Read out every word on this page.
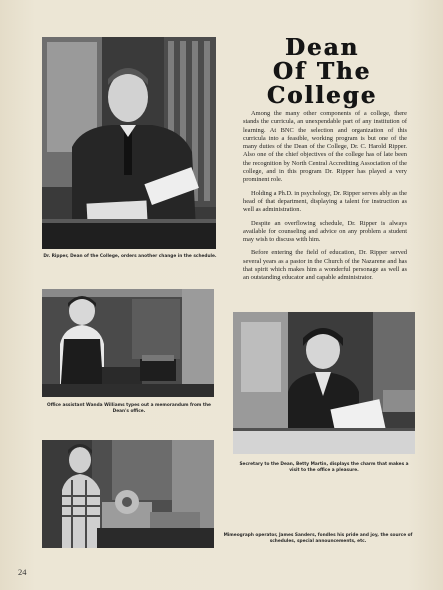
Dr. Ripper, Dean of the College, orders another change in the schedule.
Dean
Of The
College

Among the many other components of a college, there stands the curricula, an unexpendable part of any institution of learning. At BNC the selection and organization of this curricula into a feasible, working program is but one of the many duties of the Dean of the College, Dr. C. Harold Ripper. Also one of the chief objectives of the college has of late been the recognition by North Central Accrediting Association of the college, and in this program Dr. Ripper has played a very prominent role.

Holding a Ph.D. in psychology, Dr. Ripper serves ably as the head of that department, displaying a talent for instruction as well as administration.

Despite an overflowing schedule, Dr. Ripper is always available for counseling and advice on any problem a student may wish to discuss with him.

Before entering the field of education, Dr. Ripper served several years as a pastor in the Church of the Nazarene and has that spirit which makes him a wonderful personage as well as an outstanding educator and capable administrator.

Office assistant Wanda Williams types out a memorandum from the Dean's office.
Secretary to the Dean, Betty Martin, displays the charm that makes a visit to the office a pleasure.
Mimeograph operator, James Sanders, fondles his pride and joy, the source of schedules, special announcements, etc.
24
